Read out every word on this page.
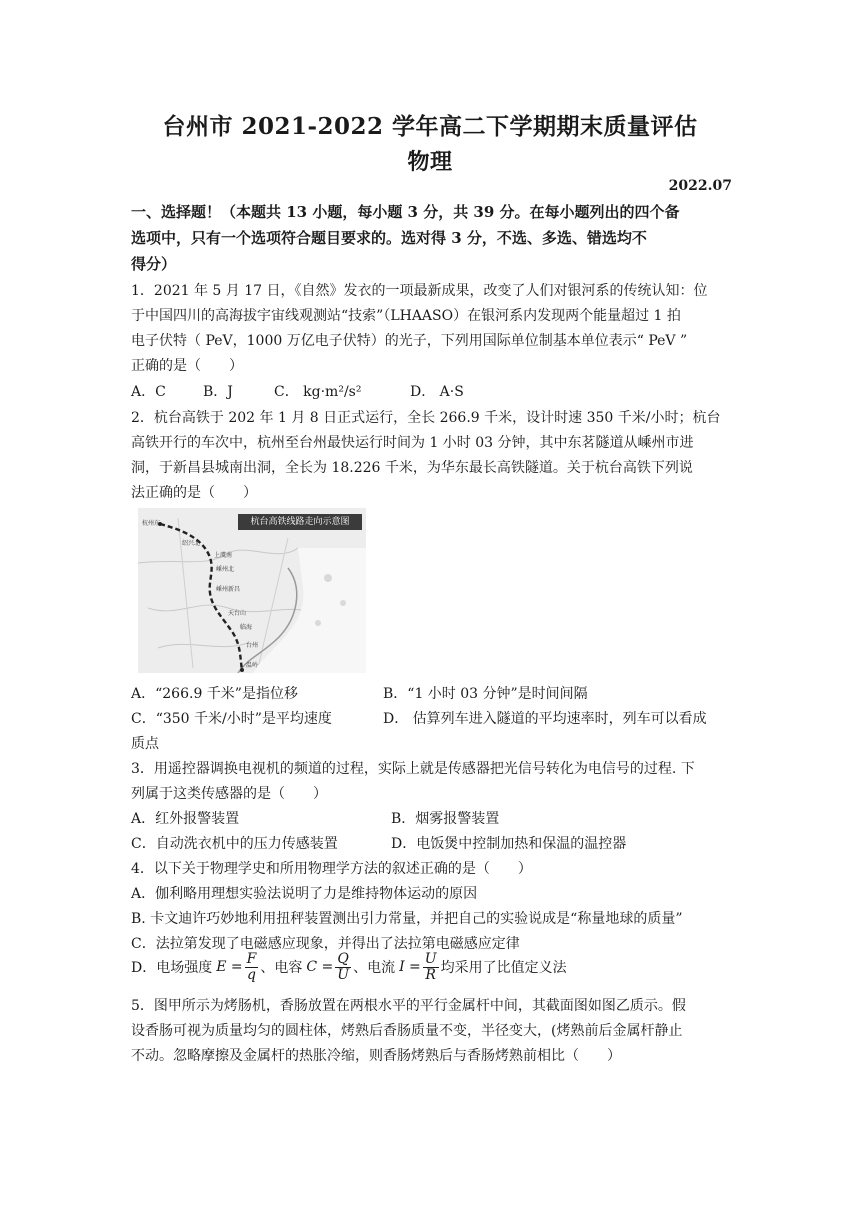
台州市 2021-2022 学年高二下学期期末质量评估
物理
2022.07
一、选择题！（本题共 13 小题，每小题 3 分，共 39 分。在每小题列出的四个备
选项中，只有一个选项符合题目要求的。选对得 3 分，不选、多选、错选均不
得分）
1．2021 年 5 月 17 日，《自然》发衣的一项最新成果，改变了人们对银河系的传统认知：位
于中国四川的高海拔宇宙线观测站“技索”（LHAASO）在银河系内发现两个能量超过 1 拍
电子伏特（ PeV，1000 万亿电子伏特）的光子，下列用国际单位制基本单位表示“ PeV ”
正确的是（　　）
A．C	B．J	C． kg·m²/s²	D． A·S
2．杭台高铁于 202 年 1 月 8 日正式运行，全长 266.9 千米，设计时速 350 千米/小时；杭台
高铁开行的车次中，杭州至台州最快运行时间为 1 小时 03 分钟，其中东茗隧道从嵊州市进
洞，于新昌县城南出洞，全长为 18.226 千米，为华东最长高铁隧道。关于杭台高铁下列说
法正确的是（　　）
杭台高铁线路走向示意图
杭州东
绍兴北
上虞南
嵊州北
嵊州新昌
天台山
临海
台州
温岭
A．“266.9 千米”是指位移	B．“1 小时 03 分钟”是时间间隔
C．“350 千米/小时”是平均速度	D． 估算列车进入隧道的平均速率时，列车可以看成
质点
3．用遥控器调换电视机的频道的过程，实际上就是传感器把光信号转化为电信号的过程. 下
列属于这类传感器的是（　　）
A．红外报警装置	B．烟雾报警装置
C．自动洗衣机中的压力传感装置	D．电饭煲中控制加热和保温的温控器
4．以下关于物理学史和所用物理学方法的叙述正确的是（　　）
A．伽利略用理想实验法说明了力是维持物体运动的原因
B. 卡文迪许巧妙地利用扭秤装置测出引力常量，并把自己的实验说成是“称量地球的质量”
C．法拉第发现了电磁感应现象，并得出了法拉第电磁感应定律
D．电场强度 $E = \frac{F}{q}$ 、电容 $C = \frac{Q}{U}$ 、电流 $I = \frac{U}{R}$ 均采用了比值定义法
5．图甲所示为烤肠机，香肠放置在两根水平的平行金属杆中间，其截面图如图乙质示。假
设香肠可视为质量均匀的圆柱体，烤熟后香肠质量不变，半径变大，(烤熟前后金属杆静止
不动。忽略摩擦及金属杆的热胀冷缩，则香肠烤熟后与香肠烤熟前相比（　　）
